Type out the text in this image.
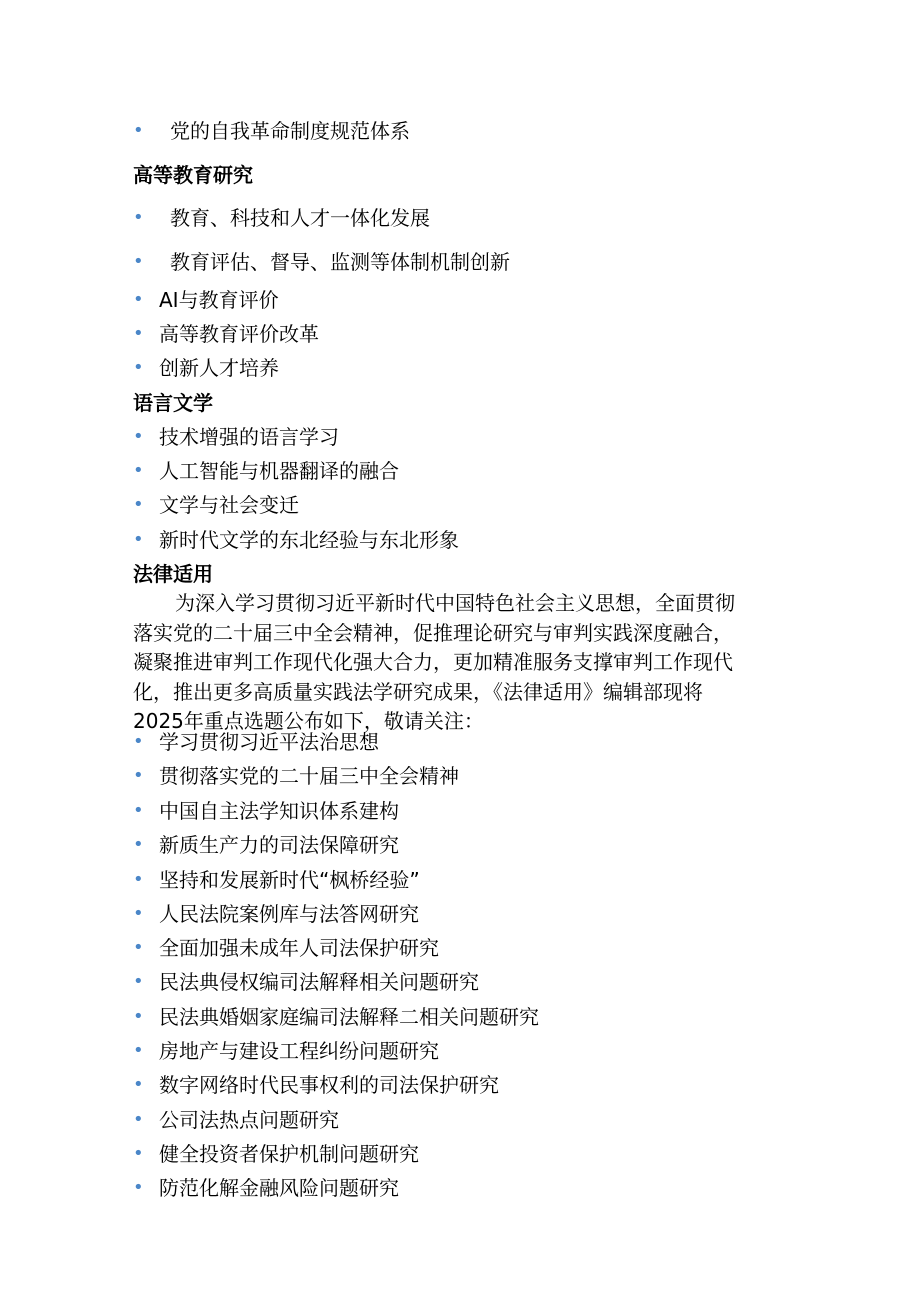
• 党的自我革命制度规范体系
高等教育研究
• 教育、科技和人才一体化发展
• 教育评估、督导、监测等体制机制创新
• AI与教育评价
• 高等教育评价改革
• 创新人才培养
语言文学
• 技术增强的语言学习
• 人工智能与机器翻译的融合
• 文学与社会变迁
• 新时代文学的东北经验与东北形象
法律适用

为深入学习贯彻习近平新时代中国特色社会主义思想，全面贯彻

落实党的二十届三中全会精神，促推理论研究与审判实践深度融合，

凝聚推进审判工作现代化强大合力，更加精准服务支撑审判工作现代

化，推出更多高质量实践法学研究成果，《法律适用》编辑部现将

2025年重点选题公布如下，敬请关注：

• 学习贯彻习近平法治思想
• 贯彻落实党的二十届三中全会精神
• 中国自主法学知识体系建构
• 新质生产力的司法保障研究
• 坚持和发展新时代“枫桥经验”
• 人民法院案例库与法答网研究
• 全面加强未成年人司法保护研究
• 民法典侵权编司法解释相关问题研究
• 民法典婚姻家庭编司法解释二相关问题研究
• 房地产与建设工程纠纷问题研究
• 数字网络时代民事权利的司法保护研究
• 公司法热点问题研究
• 健全投资者保护机制问题研究
• 防范化解金融风险问题研究
